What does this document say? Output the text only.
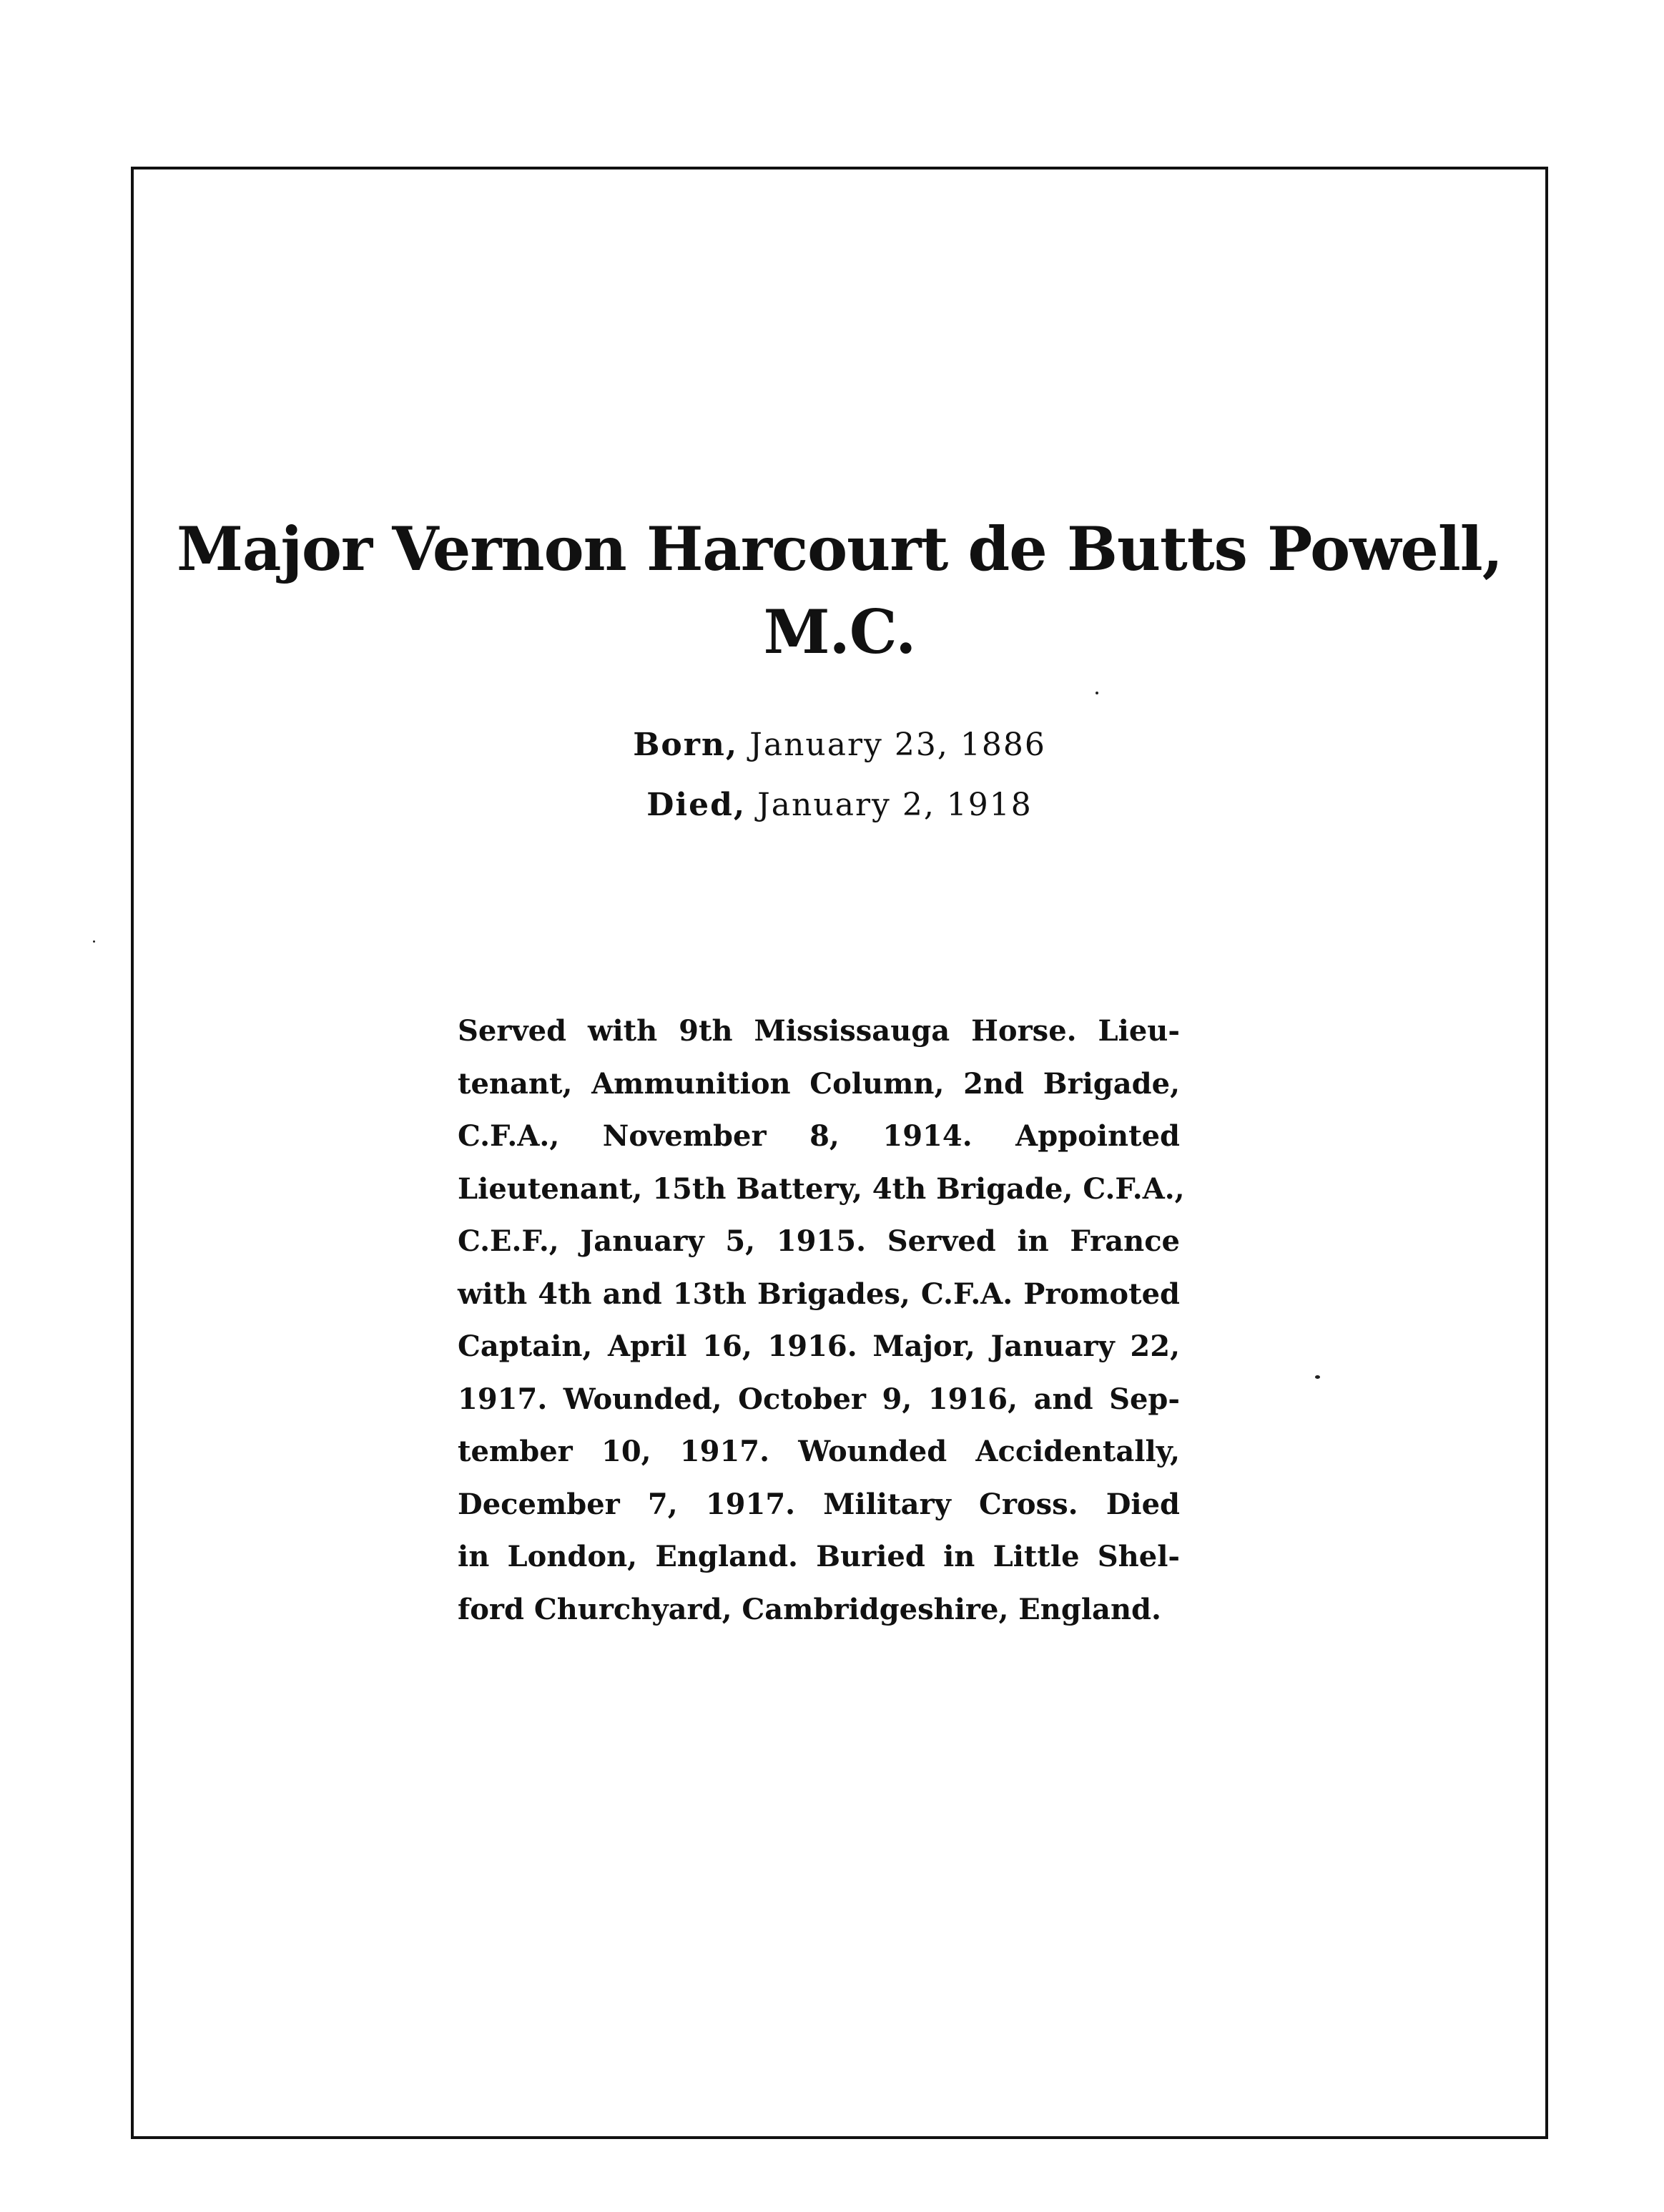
Major Vernon Harcourt de Butts Powell,
M.C.
Born, January 23, 1886
Died, January 2, 1918
Served with 9th Mississauga Horse. Lieu-
tenant, Ammunition Column, 2nd Brigade,
C.F.A., November 8, 1914. Appointed
Lieutenant, 15th Battery, 4th Brigade, C.F.A.,
C.E.F., January 5, 1915. Served in France
with 4th and 13th Brigades, C.F.A. Promoted
Captain, April 16, 1916. Major, January 22,
1917. Wounded, October 9, 1916, and Sep-
tember 10, 1917. Wounded Accidentally,
December 7, 1917. Military Cross. Died
in London, England. Buried in Little Shel-
ford Churchyard, Cambridgeshire, England.
